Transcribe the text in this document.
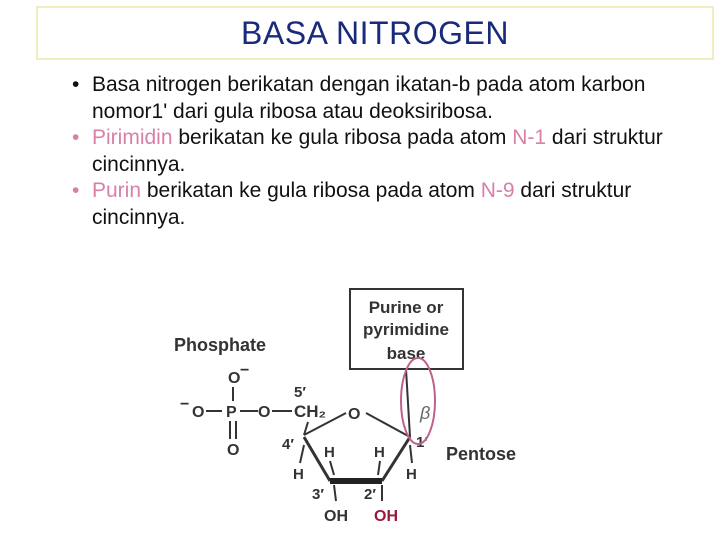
BASA NITROGEN
• Basa nitrogen berikatan dengan ikatan-b pada atom karbon nomor1' dari gula ribosa atau deoksiribosa.
• Pirimidin berikatan ke gula ribosa pada atom N-1 dari struktur cincinnya.
• Purin berikatan ke gula ribosa pada atom N-9 dari struktur cincinnya.
Purine or
pyrimidine
base
Phosphate
O −
− O P O
O
5′
CH₂ O
4′	1′
3′	2′
β
H
H	H
H
OH OH
Pentose
